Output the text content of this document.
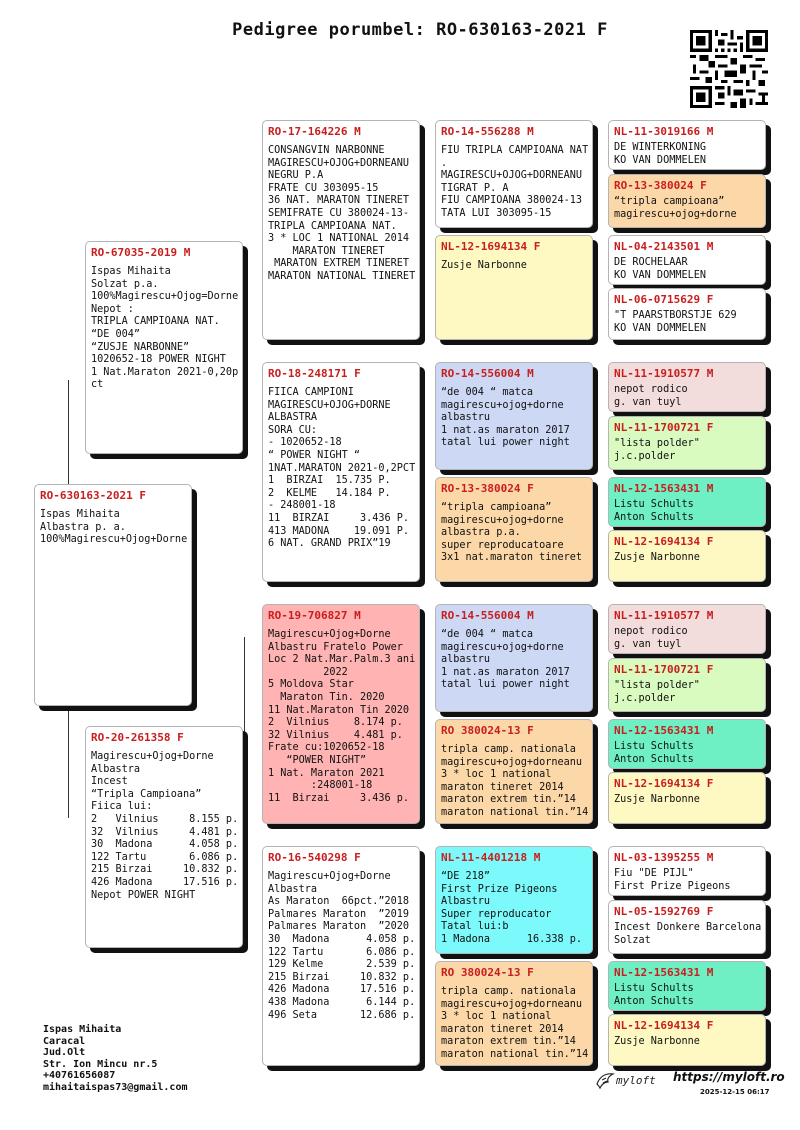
Pedigree porumbel: RO-630163-2021 F
RO-630163-2021 F
Ispas Mihaita
Albastra p. a.
100%Magirescu+Ojog+Dorne
RO-67035-2019 M
Ispas Mihaita
Solzat p.a.
100%Magirescu+Ojog=Dorne
Nepot :
TRIPLA CAMPIOANA NAT.
“DE 004”
“ZUSJE NARBONNE”
1020652-18 POWER NIGHT
1 Nat.Maraton 2021-0,20p
ct
RO-20-261358 F
Magirescu+Ojog+Dorne
Albastra
Incest
“Tripla Campioana”
Fiica lui:
2   Vilnius     8.155 p.
32  Vilnius     4.481 p.
30  Madona      4.058 p.
122 Tartu       6.086 p.
215 Birzai     10.832 p.
426 Madona     17.516 p.
Nepot POWER NIGHT
RO-17-164226 M
CONSANGVIN NARBONNE
MAGIRESCU+OJOG+DORNEANU
NEGRU P.A
FRATE CU 303095-15
36 NAT. MARATON TINERET
SEMIFRATE CU 380024-13-
TRIPLA CAMPIOANA NAT.
3 * LOC 1 NATIONAL 2014
MARATON TINERET
MARATON EXTREM TINERET
MARATON NATIONAL TINERET
RO-18-248171 F
FIICA CAMPIONI
MAGIRESCU+OJOG+DORNE
ALBASTRA
SORA CU:
- 1020652-18
“ POWER NIGHT “
1NAT.MARATON 2021-0,2PCT
1  BIRZAI  15.735 P.
2  KELME   14.184 P.
- 248001-18
11  BIRZAI     3.436 P.
413 MADONA    19.091 P.
6 NAT. GRAND PRIX”19
RO-19-706827 M
Magirescu+Ojog+Dorne
Albastru Fratelo Power
Loc 2 Nat.Mar.Palm.3 ani
2022
5 Moldova Star
Maraton Tin. 2020
11 Nat.Maraton Tin 2020
2  Vilnius    8.174 p.
32 Vilnius    4.481 p.
Frate cu:1020652-18
“POWER NIGHT”
1 Nat. Maraton 2021
:248001-18
11  Birzai     3.436 p.
RO-16-540298 F
Magirescu+Ojog+Dorne
Albastra
As Maraton  66pct.”2018
Palmares Maraton  ”2019
Palmares Maraton  ”2020
30  Madona      4.058 p.
122 Tartu       6.086 p.
129 Kelme       2.539 p.
215 Birzai     10.832 p.
426 Madona     17.516 p.
438 Madona      6.144 p.
496 Seta       12.686 p.
RO-14-556288 M
FIU TRIPLA CAMPIOANA NAT
.
MAGIRESCU+OJOG+DORNEANU
TIGRAT P. A
FIU CAMPIOANA 380024-13
TATA LUI 303095-15
NL-12-1694134 F
Zusje Narbonne
RO-14-556004 M
“de 004 “ matca
magirescu+ojog+dorne
albastru
1 nat.as maraton 2017
tatal lui power night
RO-13-380024 F
“tripla campioana”
magirescu+ojog+dorne
albastra p.a.
super reproducatoare
3x1 nat.maraton tineret
RO-14-556004 M
“de 004 “ matca
magirescu+ojog+dorne
albastru
1 nat.as maraton 2017
tatal lui power night
RO 380024-13 F
tripla camp. nationala
magirescu+ojog+dorneanu
3 * loc 1 national
maraton tineret 2014
maraton extrem tin.”14
maraton national tin.”14
NL-11-4401218 M
“DE 218”
First Prize Pigeons
Albastru
Super reproducator
Tatal lui:b
1 Madona      16.338 p.
RO 380024-13 F
tripla camp. nationala
magirescu+ojog+dorneanu
3 * loc 1 national
maraton tineret 2014
maraton extrem tin.”14
maraton national tin.”14
NL-11-3019166 M
DE WINTERKONING
KO VAN DOMMELEN
RO-13-380024 F
“tripla campioana”
magirescu+ojog+dorne
NL-04-2143501 M
DE ROCHELAAR
KO VAN DOMMELEN
NL-06-0715629 F
"T PAARSTBORSTJE 629
KO VAN DOMMELEN
NL-11-1910577 M
nepot rodico
g. van tuyl
NL-11-1700721 F
"lista polder"
j.c.polder
NL-12-1563431 M
Listu Schults
Anton Schults
NL-12-1694134 F
Zusje Narbonne
NL-11-1910577 M
nepot rodico
g. van tuyl
NL-11-1700721 F
"lista polder"
j.c.polder
NL-12-1563431 M
Listu Schults
Anton Schults
NL-12-1694134 F
Zusje Narbonne
NL-03-1395255 M
Fiu "DE PIJL"
First Prize Pigeons
NL-05-1592769 F
Incest Donkere Barcelona
Solzat
NL-12-1563431 M
Listu Schults
Anton Schults
NL-12-1694134 F
Zusje Narbonne
Ispas Mihaita
Caracal
Jud.Olt
Str. Ion Mincu nr.5
+40761656087
mihaitaispas73@gmail.com
myloft https://myloft.ro
2025-12-15 06:17
